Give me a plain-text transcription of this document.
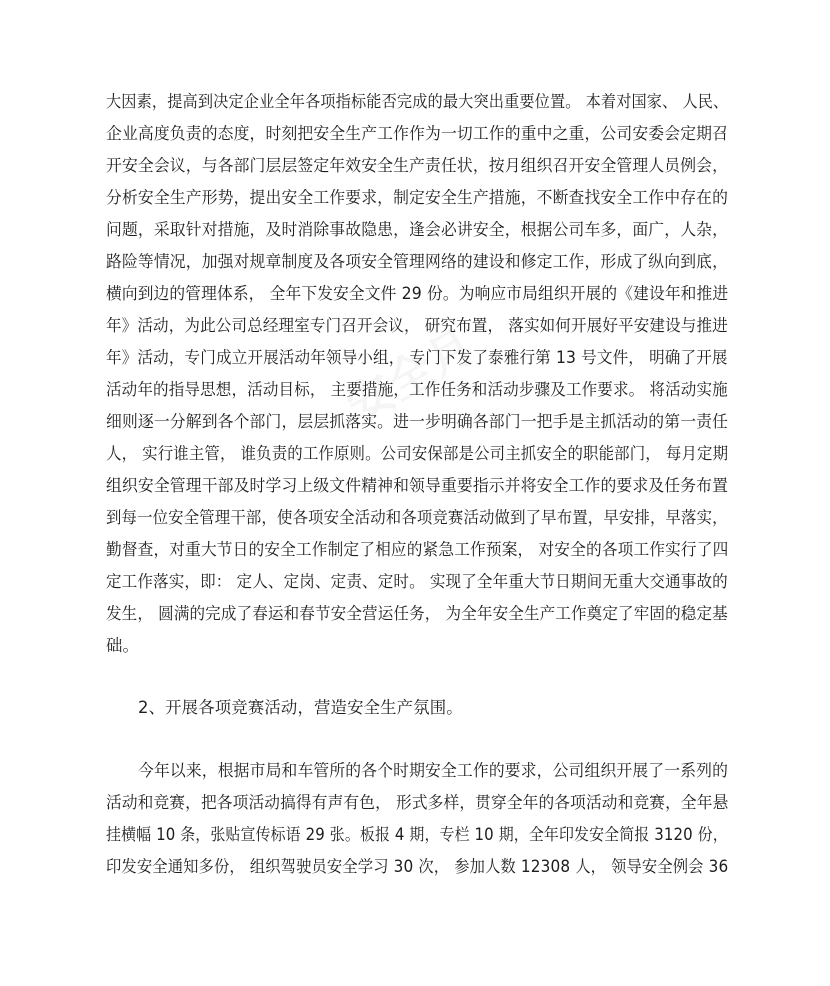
安全月
大因素，提高到决定企业全年各项指标能否完成的最大突出重要位置。 本着对国家、 人民、
企业高度负责的态度，时刻把安全生产工作作为一切工作的重中之重，公司安委会定期召
开安全会议，与各部门层层签定年效安全生产责任状，按月组织召开安全管理人员例会，
分析安全生产形势，提出安全工作要求，制定安全生产措施，不断查找安全工作中存在的
问题，采取针对措施，及时消除事故隐患，逢会必讲安全，根据公司车多，面广，人杂，
路险等情况，加强对规章制度及各项安全管理网络的建设和修定工作，形成了纵向到底，
横向到边的管理体系， 全年下发安全文件 29 份。为响应市局组织开展的《建设年和推进
年》活动，为此公司总经理室专门召开会议， 研究布置， 落实如何开展好平安建设与推进
年》活动，专门成立开展活动年领导小组， 专门下发了泰雅行第 13 号文件， 明确了开展
活动年的指导思想，活动目标， 主要措施，工作任务和活动步骤及工作要求。 将活动实施
细则逐一分解到各个部门，层层抓落实。进一步明确各部门一把手是主抓活动的第一责任
人， 实行谁主管， 谁负责的工作原则。公司安保部是公司主抓安全的职能部门， 每月定期
组织安全管理干部及时学习上级文件精神和领导重要指示并将安全工作的要求及任务布置
到每一位安全管理干部，使各项安全活动和各项竞赛活动做到了早布置，早安排，早落实，
勤督查，对重大节日的安全工作制定了相应的紧急工作预案， 对安全的各项工作实行了四
定工作落实，即： 定人、定岗、定责、定时。 实现了全年重大节日期间无重大交通事故的
发生， 圆满的完成了春运和春节安全营运任务， 为全年安全生产工作奠定了牢固的稳定基
础。
2、开展各项竞赛活动，营造安全生产氛围。
今年以来，根据市局和车管所的各个时期安全工作的要求，公司组织开展了一系列的
活动和竞赛，把各项活动搞得有声有色， 形式多样，贯穿全年的各项活动和竞赛，全年悬
挂横幅 10 条，张贴宣传标语 29 张。板报 4 期，专栏 10 期，全年印发安全简报 3120 份，
印发安全通知多份， 组织驾驶员安全学习 30 次， 参加人数 12308 人， 领导安全例会 36
